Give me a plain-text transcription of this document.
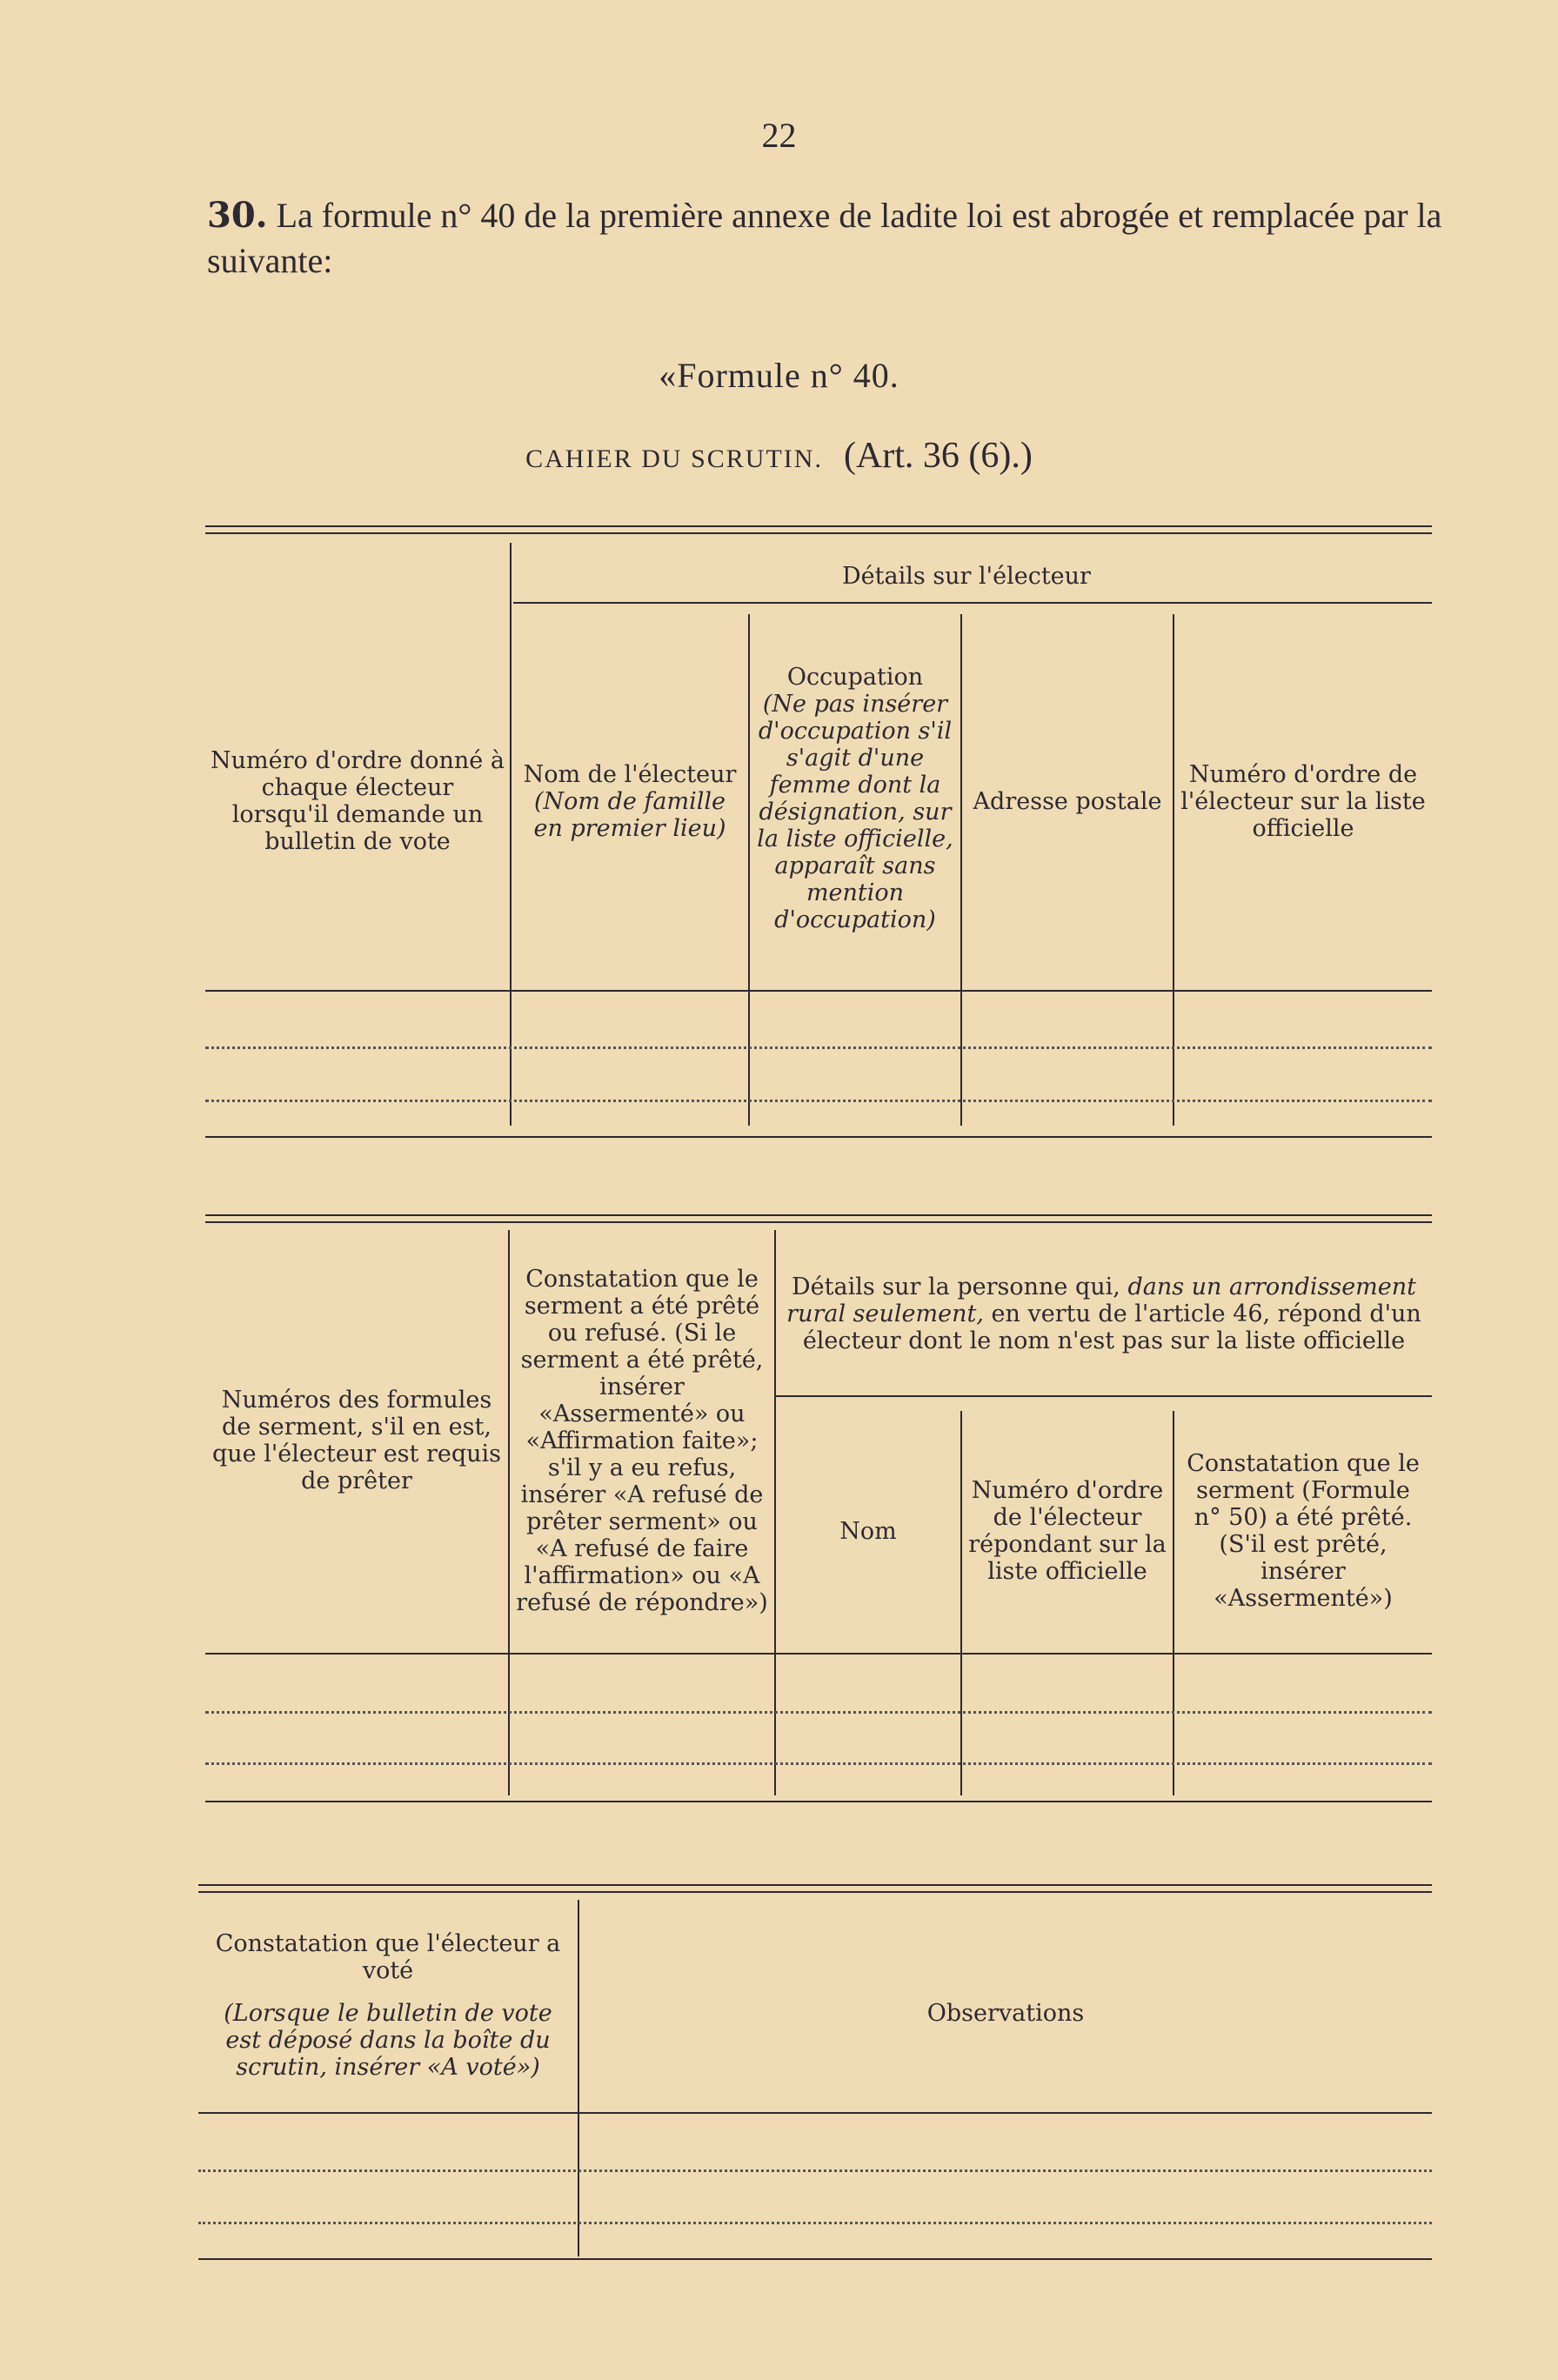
22
30. La formule n° 40 de la première annexe de ladite loi est abrogée et remplacée par la suivante:
«Formule n° 40.
CAHIER DU SCRUTIN. (Art. 36 (6).)
Détails sur l'électeur
Numéro d'ordre donné à chaque électeur lorsqu'il demande un bulletin de vote
Nom de l'électeur
(Nom de famille en premier lieu)
Occupation
(Ne pas insérer d'occupation s'il s'agit d'une femme dont la désignation, sur la liste officielle, apparaît sans mention d'occupation)
Adresse postale
Numéro d'ordre de l'électeur sur la liste officielle
Numéros des formules de serment, s'il en est, que l'électeur est requis de prêter
Constatation que le serment a été prêté ou refusé. (Si le serment a été prêté, insérer «Assermenté» ou «Affirmation faite»; s'il y a eu refus, insérer «A refusé de prêter serment» ou «A refusé de faire l'affirmation» ou «A refusé de répondre»)
Détails sur la personne qui, dans un arrondissement rural seulement, en vertu de l'article 46, répond d'un électeur dont le nom n'est pas sur la liste officielle
Nom
Numéro d'ordre de l'électeur répondant sur la liste officielle
Constatation que le serment (Formule n° 50) a été prêté. (S'il est prêté, insérer «Assermenté»)
Constatation que l'électeur a voté
(Lorsque le bulletin de vote est déposé dans la boîte du scrutin, insérer «A voté»)
Observations
